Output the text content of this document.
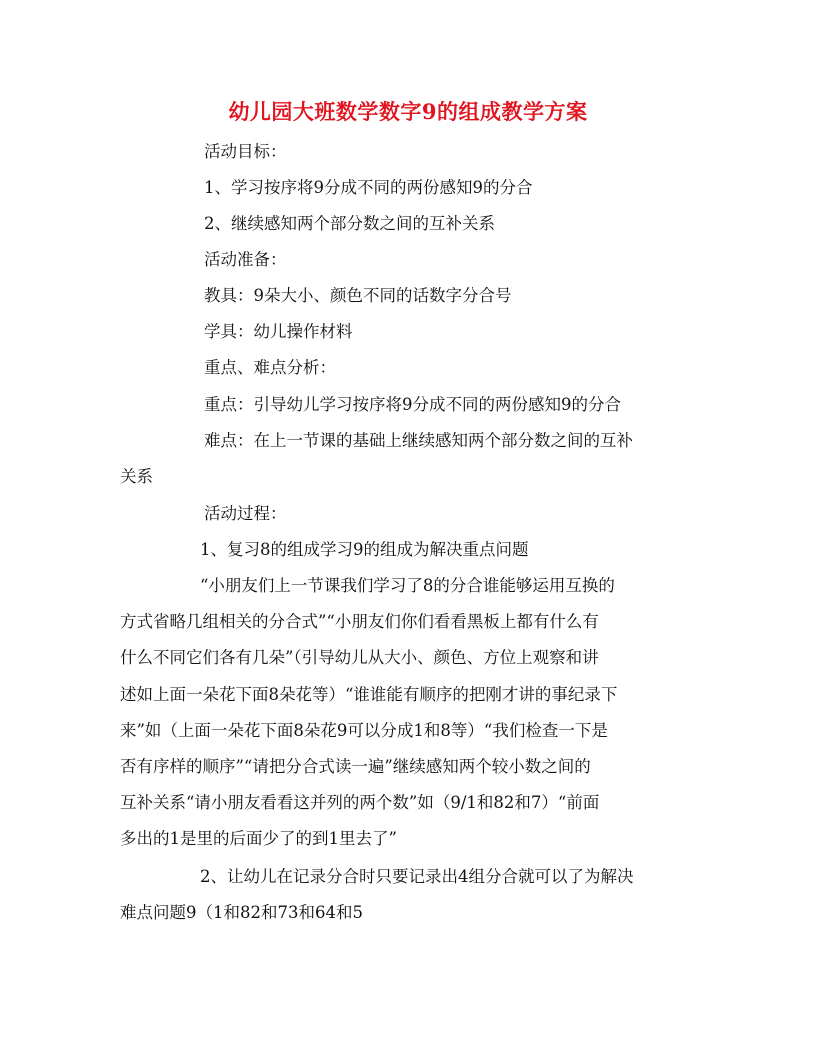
幼儿园大班数学数字9的组成教学方案
活动目标：
1、学习按序将9分成不同的两份感知9的分合
2、继续感知两个部分数之间的互补关系
活动准备：
教具：9朵大小、颜色不同的话数字分合号
学具：幼儿操作材料
重点、难点分析：
重点：引导幼儿学习按序将9分成不同的两份感知9的分合
难点：在上一节课的基础上继续感知两个部分数之间的互补
关系
活动过程：
1、复习8的组成学习9的组成为解决重点问题
“小朋友们上一节课我们学习了8的分合谁能够运用互换的
方式省略几组相关的分合式”“小朋友们你们看看黑板上都有什么有
什么不同它们各有几朵”（引导幼儿从大小、颜色、方位上观察和讲
述如上面一朵花下面8朵花等）“谁谁能有顺序的把刚才讲的事纪录下
来”如（上面一朵花下面8朵花9可以分成1和8等）“我们检查一下是
否有序样的顺序”“请把分合式读一遍”继续感知两个较小数之间的
互补关系“请小朋友看看这并列的两个数”如（9/1和82和7）“前面
多出的1是里的后面少了的到1里去了”
2、让幼儿在记录分合时只要记录出4组分合就可以了为解决
难点问题9（1和82和73和64和5
